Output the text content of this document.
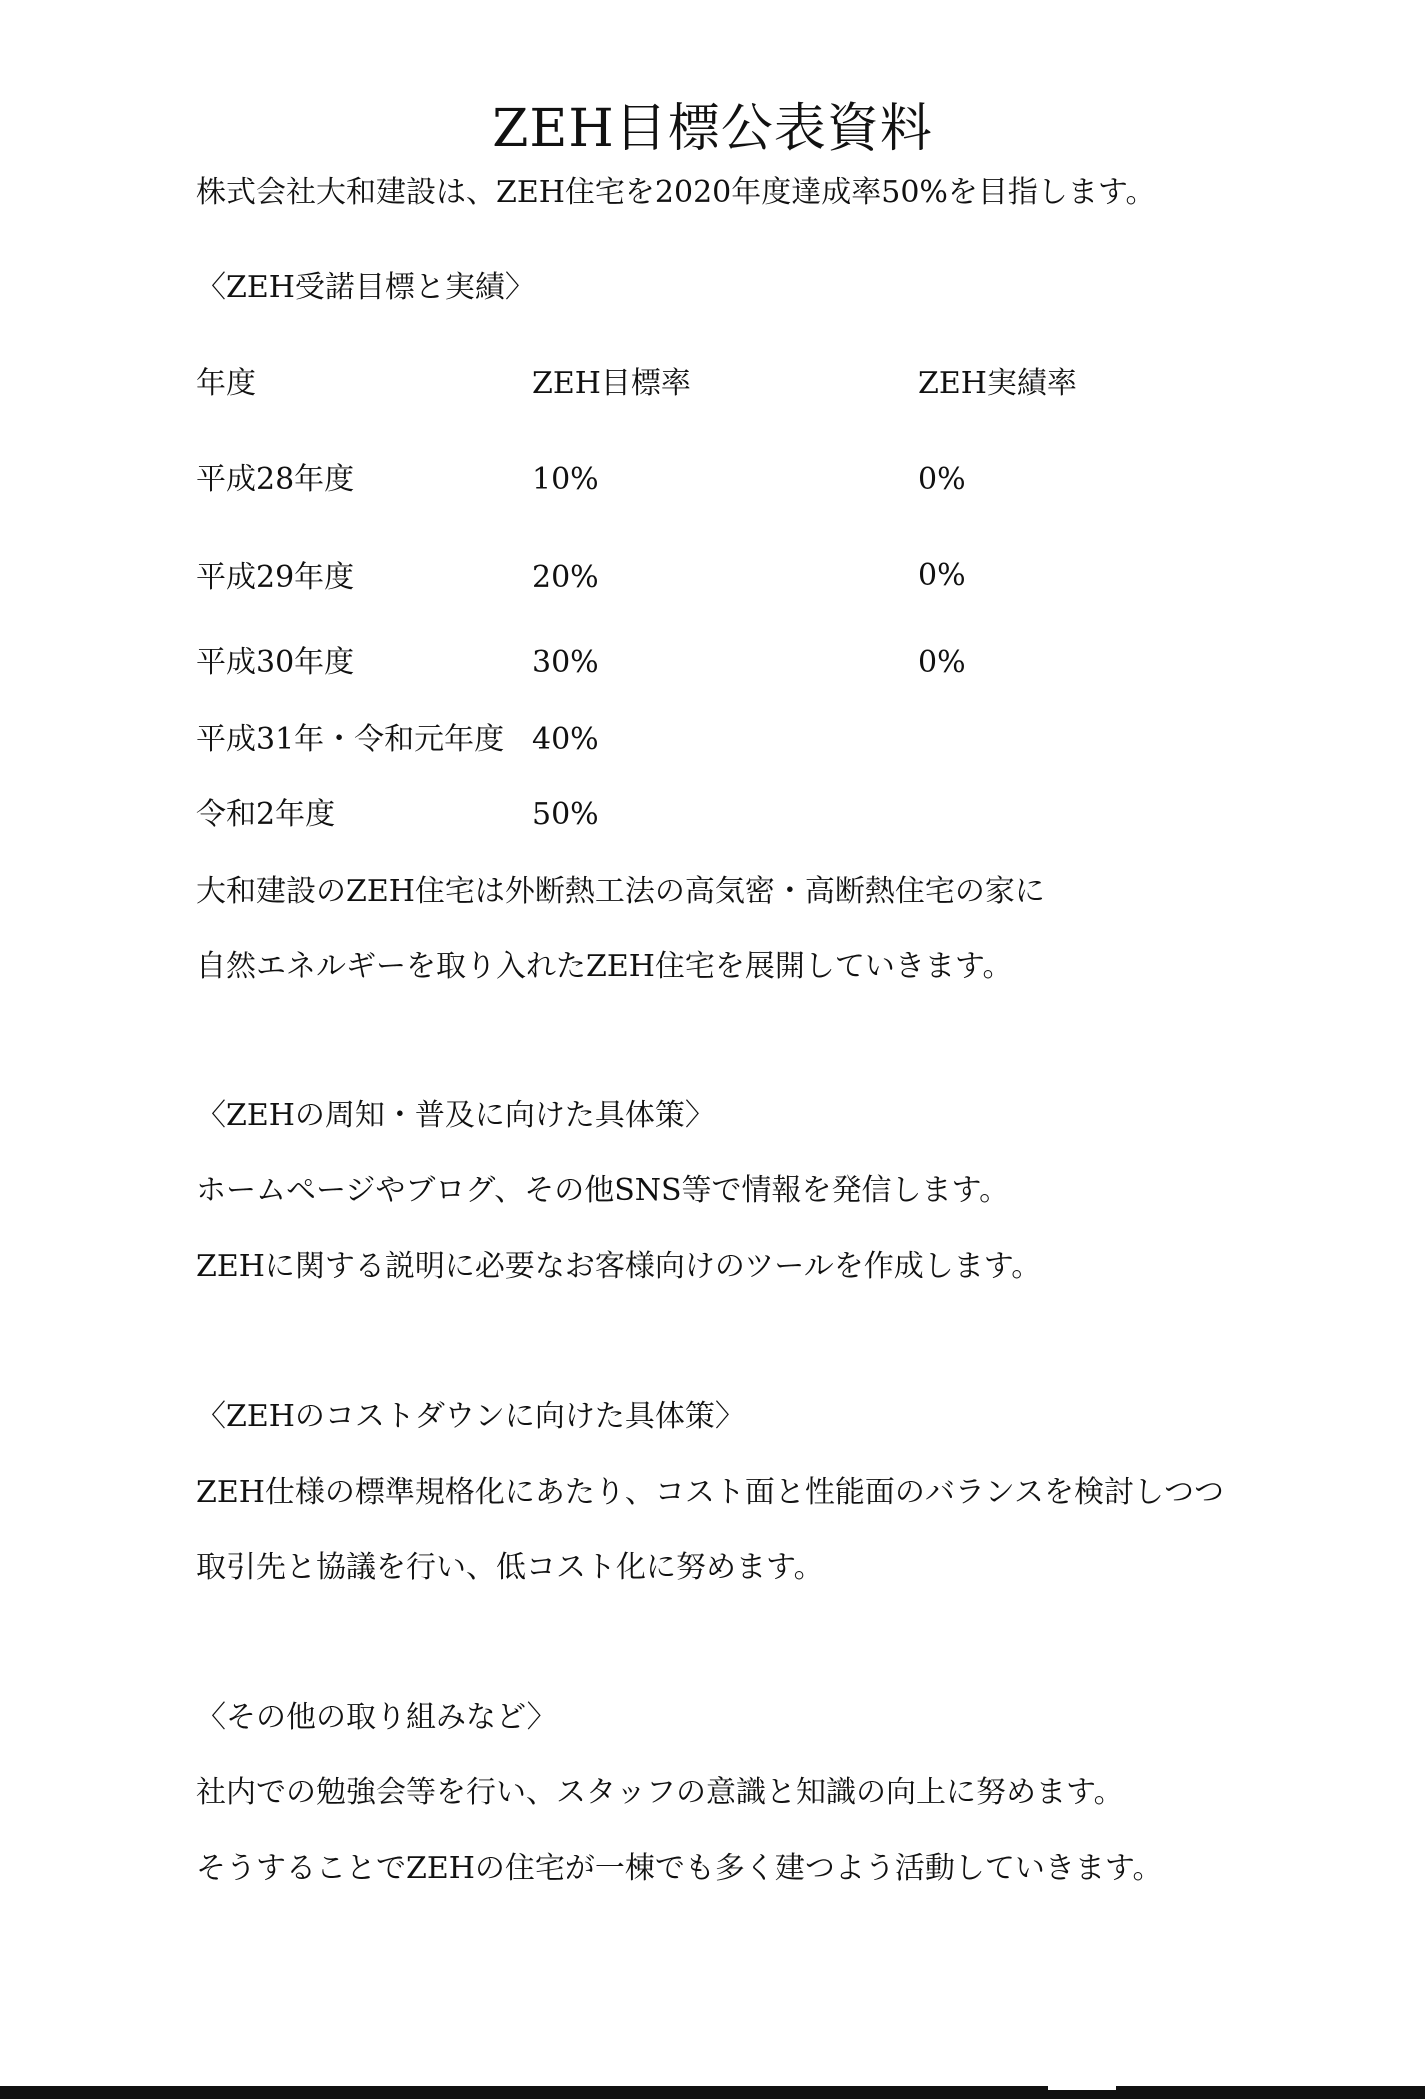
ZEH目標公表資料
株式会社大和建設は、ZEH住宅を2020年度達成率50%を目指します。
〈ZEH受諾目標と実績〉
年度	ZEH目標率	ZEH実績率
平成28年度	10%	0%
平成29年度	20%	0%
平成30年度	30%	0%
平成31年・令和元年度 40%
令和2年度	50%
大和建設のZEH住宅は外断熱工法の高気密・高断熱住宅の家に
自然エネルギーを取り入れたZEH住宅を展開していきます。
〈ZEHの周知・普及に向けた具体策〉
ホームページやブログ、その他SNS等で情報を発信します。
ZEHに関する説明に必要なお客様向けのツールを作成します。
〈ZEHのコストダウンに向けた具体策〉
ZEH仕様の標準規格化にあたり、コスト面と性能面のバランスを検討しつつ
取引先と協議を行い、低コスト化に努めます。
〈その他の取り組みなど〉
社内での勉強会等を行い、スタッフの意識と知識の向上に努めます。
そうすることでZEHの住宅が一棟でも多く建つよう活動していきます。
